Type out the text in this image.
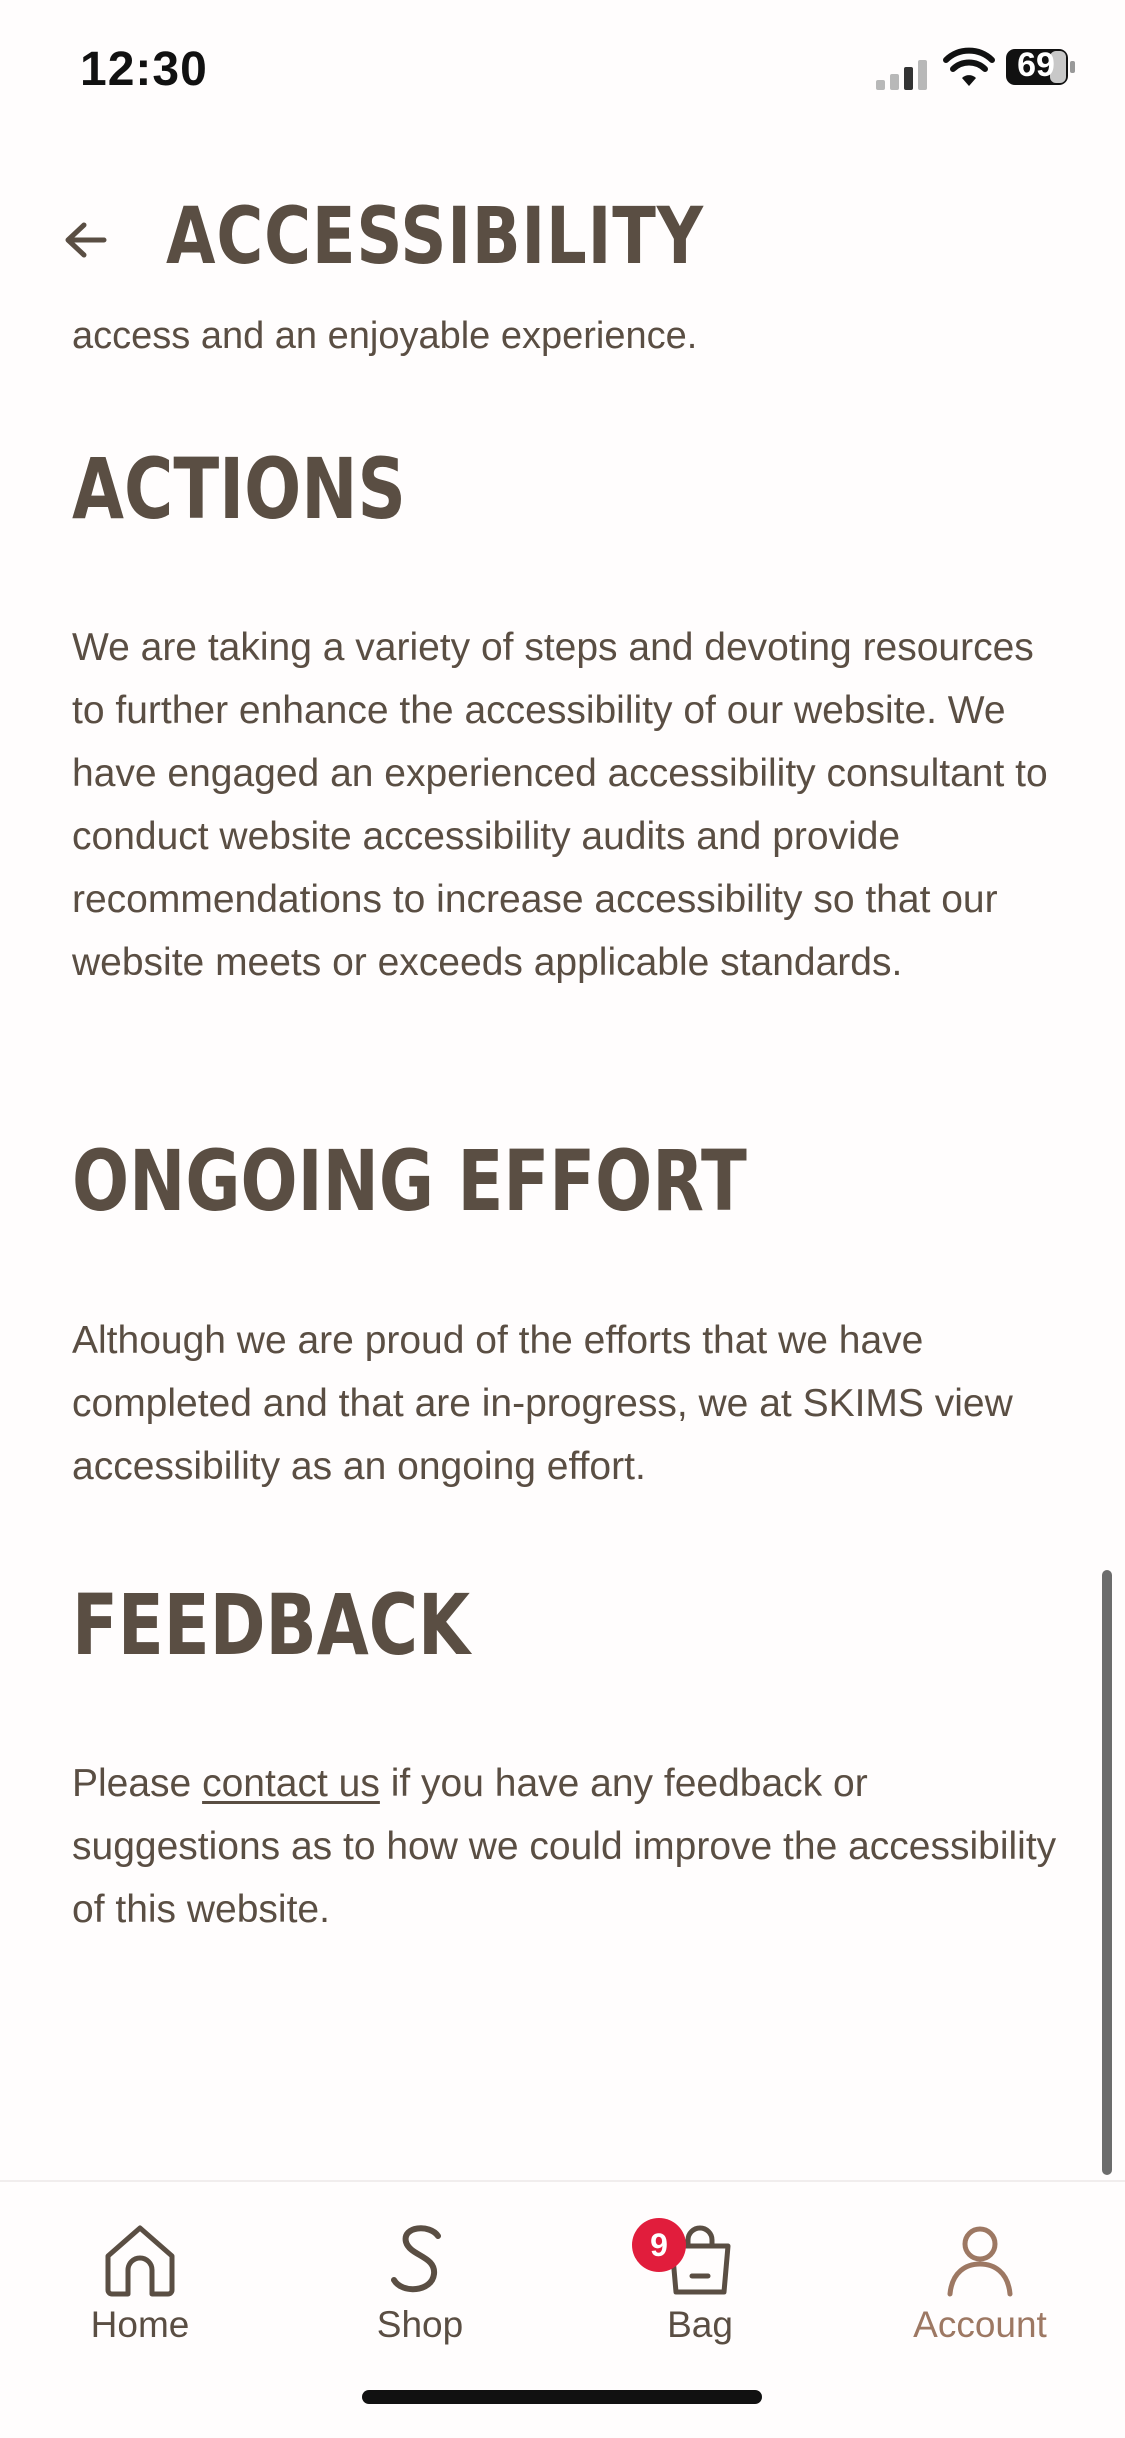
12:30	69
ACCESSIBILITY
access and an enjoyable experience.
ACTIONS

We are taking a variety of steps and devoting resources to further enhance the accessibility of our website. We have engaged an experienced accessibility consultant to conduct website accessibility audits and provide recommendations to increase accessibility so that our website meets or exceeds applicable standards.

ONGOING EFFORT

Although we are proud of the efforts that we have completed and that are in-progress, we at SKIMS view accessibility as an ongoing effort.

FEEDBACK

Please contact us if you have any feedback or suggestions as to how we could improve the accessibility of this website.

Home	Shop
9
Bag	Account
